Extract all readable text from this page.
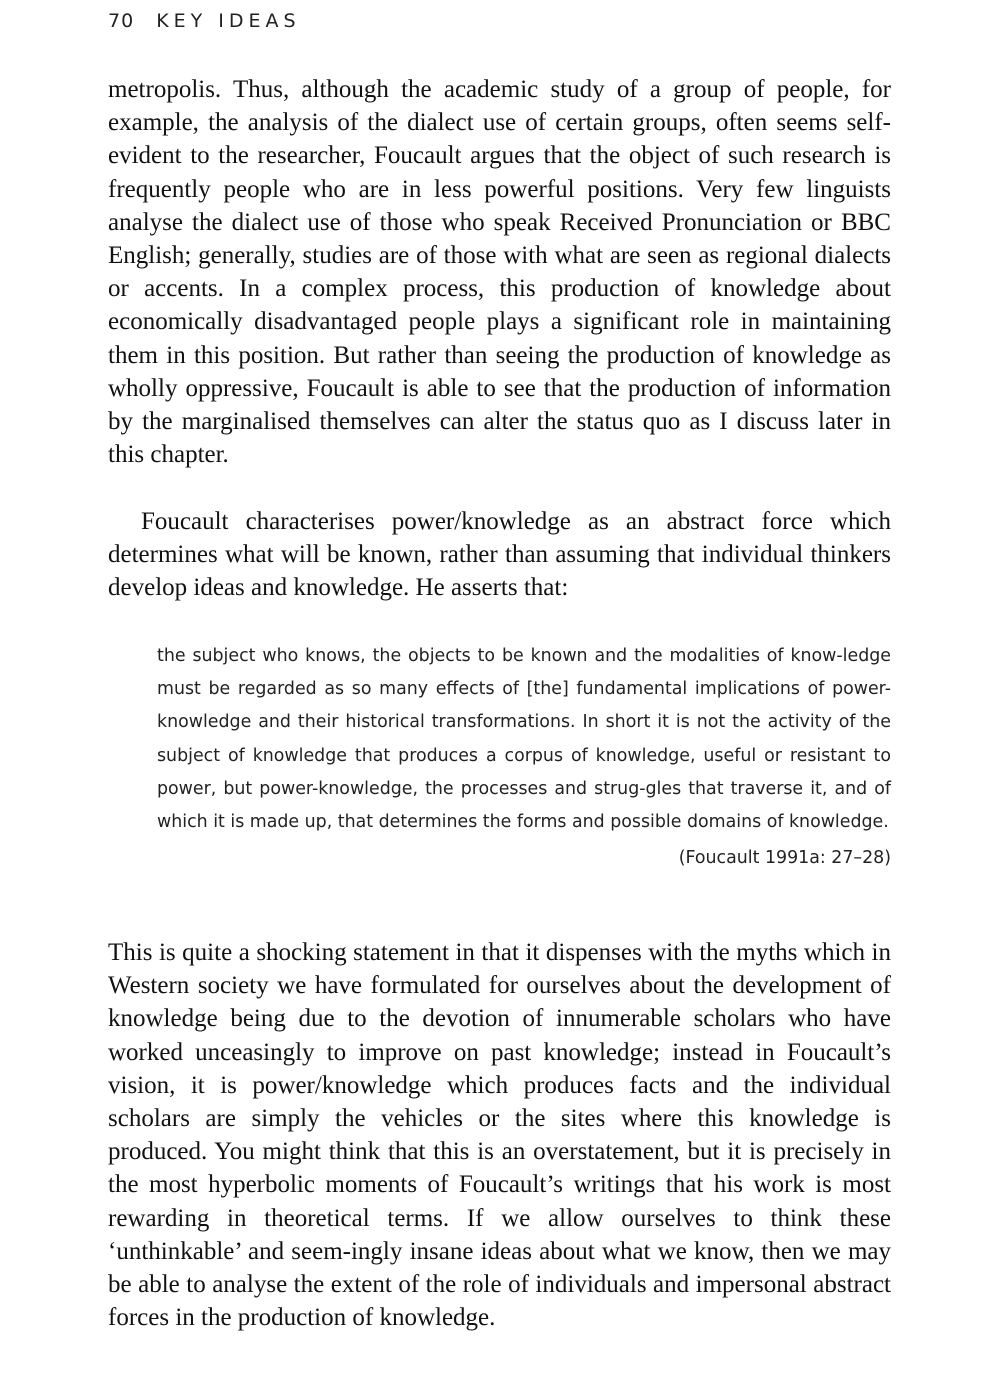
70 KEY IDEAS

metropolis. Thus, although the academic study of a group of people, for example, the analysis of the dialect use of certain groups, often seems self-evident to the researcher, Foucault argues that the object of such research is frequently people who are in less powerful positions. Very few linguists analyse the dialect use of those who speak Received Pronunciation or BBC English; generally, studies are of those with what are seen as regional dialects or accents. In a complex process, this production of knowledge about economically disadvantaged people plays a significant role in maintaining them in this position. But rather than seeing the production of knowledge as wholly oppressive, Foucault is able to see that the production of information by the marginalised themselves can alter the status quo as I discuss later in this chapter.

Foucault characterises power/knowledge as an abstract force which determines what will be known, rather than assuming that individual thinkers develop ideas and knowledge. He asserts that:

the subject who knows, the objects to be known and the modalities of know-ledge must be regarded as so many effects of [the] fundamental implications of power-knowledge and their historical transformations. In short it is not the activity of the subject of knowledge that produces a corpus of knowledge, useful or resistant to power, but power-knowledge, the processes and strug-gles that traverse it, and of which it is made up, that determines the forms and possible domains of knowledge.

(Foucault 1991a: 27–28)

This is quite a shocking statement in that it dispenses with the myths which in Western society we have formulated for ourselves about the development of knowledge being due to the devotion of innumerable scholars who have worked unceasingly to improve on past knowledge; instead in Foucault’s vision, it is power/knowledge which produces facts and the individual scholars are simply the vehicles or the sites where this knowledge is produced. You might think that this is an overstatement, but it is precisely in the most hyperbolic moments of Foucault’s writings that his work is most rewarding in theoretical terms. If we allow ourselves to think these ‘unthinkable’ and seem-ingly insane ideas about what we know, then we may be able to analyse the extent of the role of individuals and impersonal abstract forces in the production of knowledge.
